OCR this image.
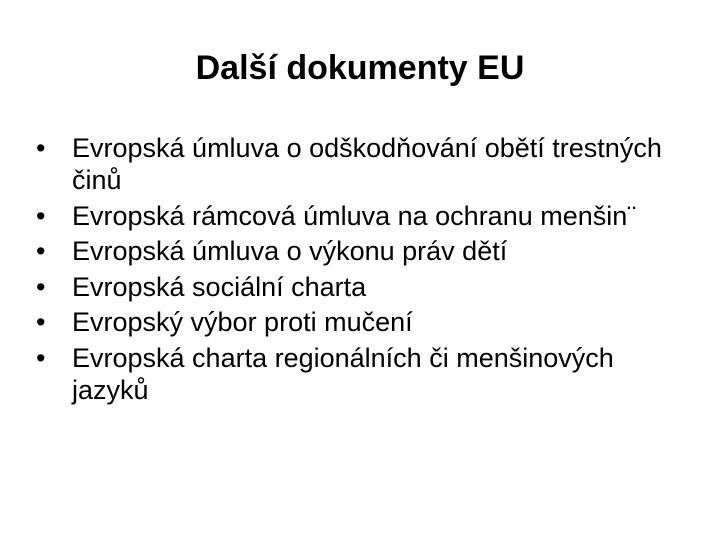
Další dokumenty EU
• Evropská úmluva o odškodňování obětí trestných činů
• Evropská rámcová úmluva na ochranu menšin¨
• Evropská úmluva o výkonu práv dětí
• Evropská sociální charta
• Evropský výbor proti mučení
• Evropská charta regionálních či menšinových jazyků
